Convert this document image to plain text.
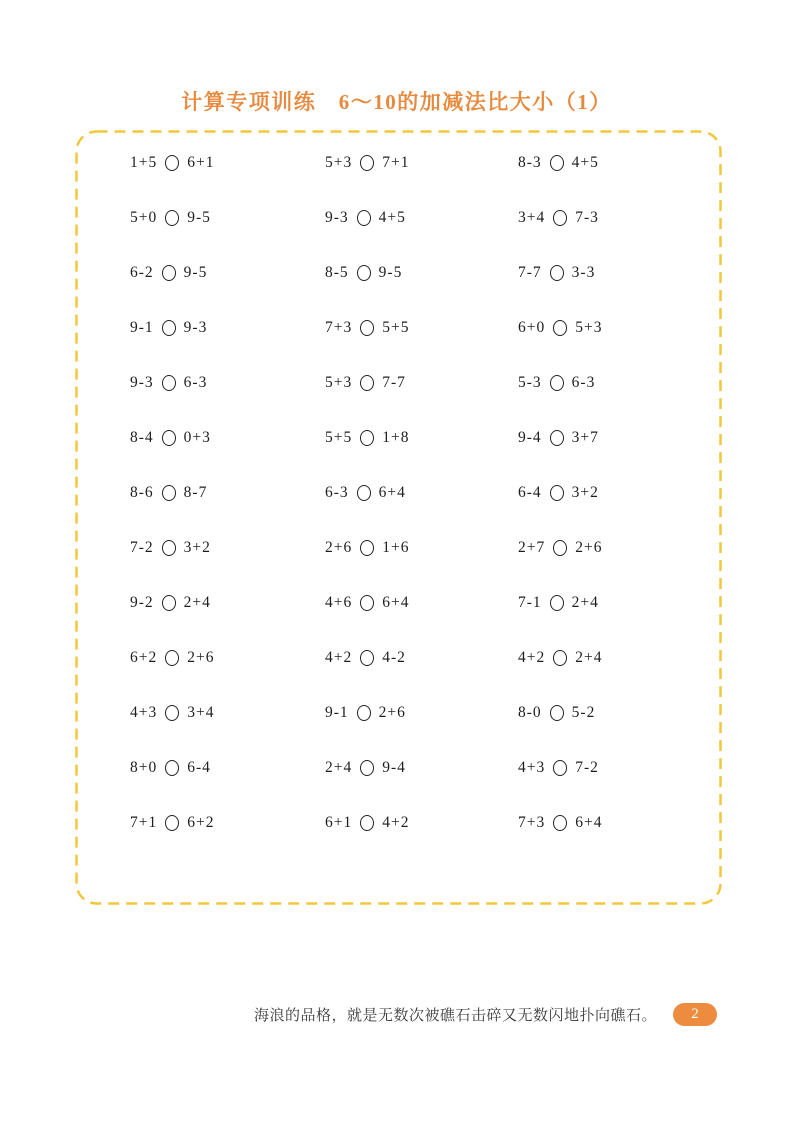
计算专项训练　6～10的加减法比大小（1）
1+5 6+1	5+3 7+1	8-3 4+5
5+0 9-5	9-3 4+5	3+4 7-3
6-2 9-5	8-5 9-5	7-7 3-3
9-1 9-3	7+3 5+5	6+0 5+3
9-3 6-3	5+3 7-7	5-3 6-3
8-4 0+3	5+5 1+8	9-4 3+7
8-6 8-7	6-3 6+4	6-4 3+2
7-2 3+2	2+6 1+6	2+7 2+6
9-2 2+4	4+6 6+4	7-1 2+4
6+2 2+6	4+2 4-2	4+2 2+4
4+3 3+4	9-1 2+6	8-0 5-2
8+0 6-4	2+4 9-4	4+3 7-2
7+1 6+2	6+1 4+2	7+3 6+4
海浪的品格，就是无数次被礁石击碎又无数闪地扑向礁石。	2
